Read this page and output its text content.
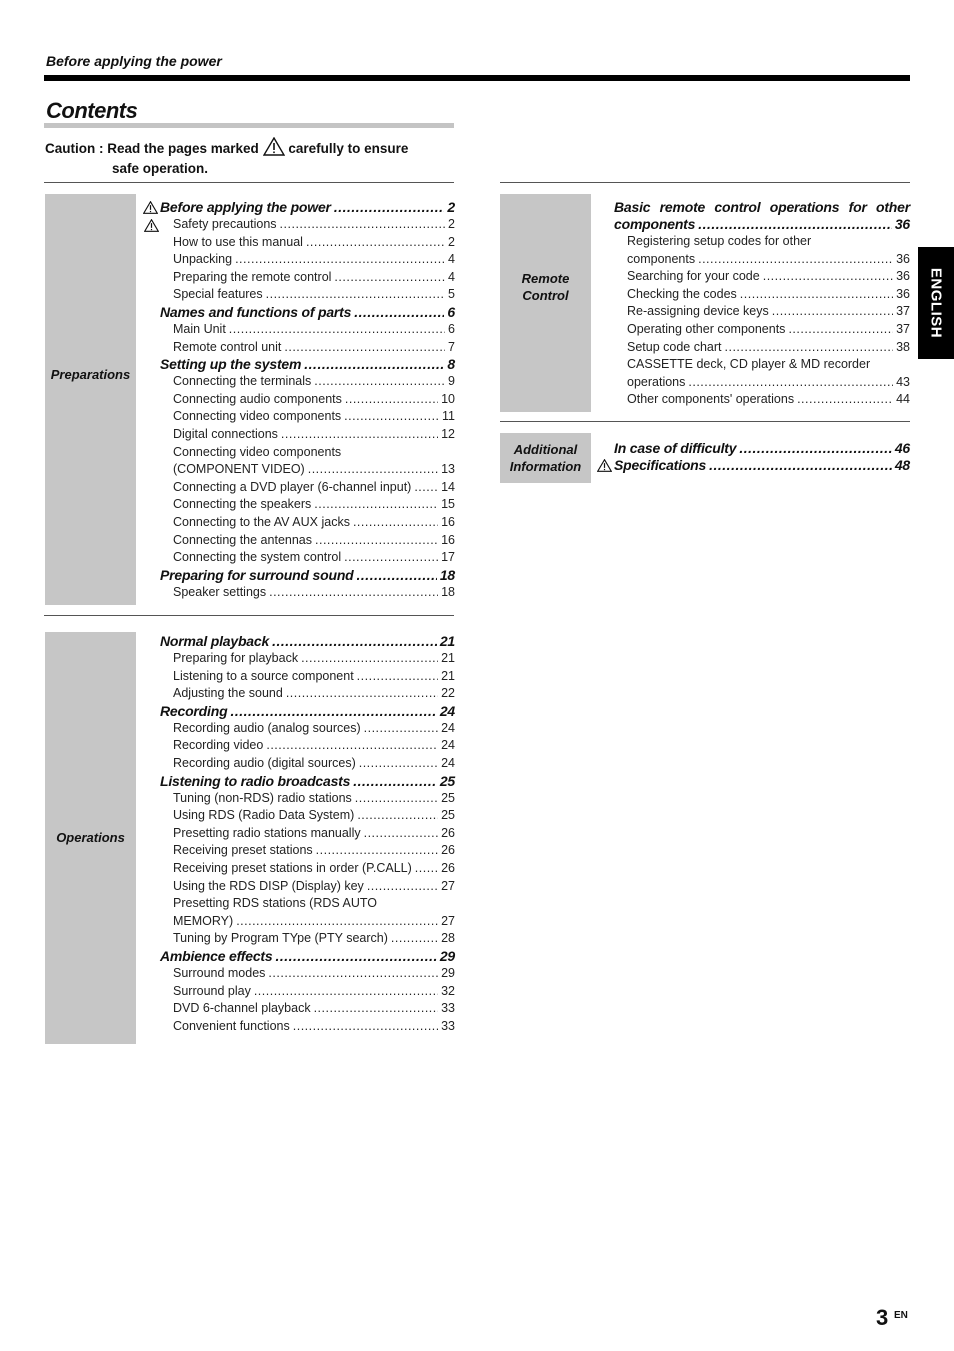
Before applying the power
Contents
Caution : Read the pages marked carefully to ensure
safe operation.
Preparations
Before applying the power .....	2
Safety precautions .....	2
How to use this manual .....	2
Unpacking .....	4
Preparing the remote control .....	4
Special features .....	5
Names and functions of parts .....	6
Main Unit .....	6
Remote control unit .....	7
Setting up the system .....	8
Connecting the terminals .....	9
Connecting audio components .....	10
Connecting video components .....	11
Digital connections .....	12
Connecting video components
(COMPONENT VIDEO) .....	13
Connecting a DVD player (6-channel input) ..... 14
Connecting the speakers .....	15
Connecting to the AV AUX jacks .....	16
Connecting the antennas .....	16
Connecting the system control .....	17
Preparing for surround sound .....	18
Speaker settings .....	18
Operations
Normal playback .....	21
Preparing for playback .....	21
Listening to a source component .....	21
Adjusting the sound .....	22
Recording .....	24
Recording audio (analog sources) .....	24
Recording video .....	24
Recording audio (digital sources) .....	24
Listening to radio broadcasts .....	25
Tuning (non-RDS) radio stations .....	25
Using RDS (Radio Data System) .....	25
Presetting radio stations manually .....	26
Receiving preset stations .....	26
Receiving preset stations in order (P.CALL) ..... 26
Using the RDS DISP (Display) key .....	27
Presetting RDS stations (RDS AUTO
MEMORY) .....	27
Tuning by Program TYpe (PTY search) .....	28
Ambience effects .....	29
Surround modes .....	29
Surround play .....	32
DVD 6-channel playback .....	33
Convenient functions .....	33
Remote
Control
Basic remote control operations for other
components .....	36
Registering setup codes for other
components .....	36
Searching for your code .....	36
Checking the codes .....	36
Re-assigning device keys .....	37
Operating other components .....	37
Setup code chart .....	38
CASSETTE deck, CD player & MD recorder
operations .....	43
Other components' operations .....	44
Additional
Information
In case of difficulty .....	46
Specifications .....	48
ENGLISH
3 EN
